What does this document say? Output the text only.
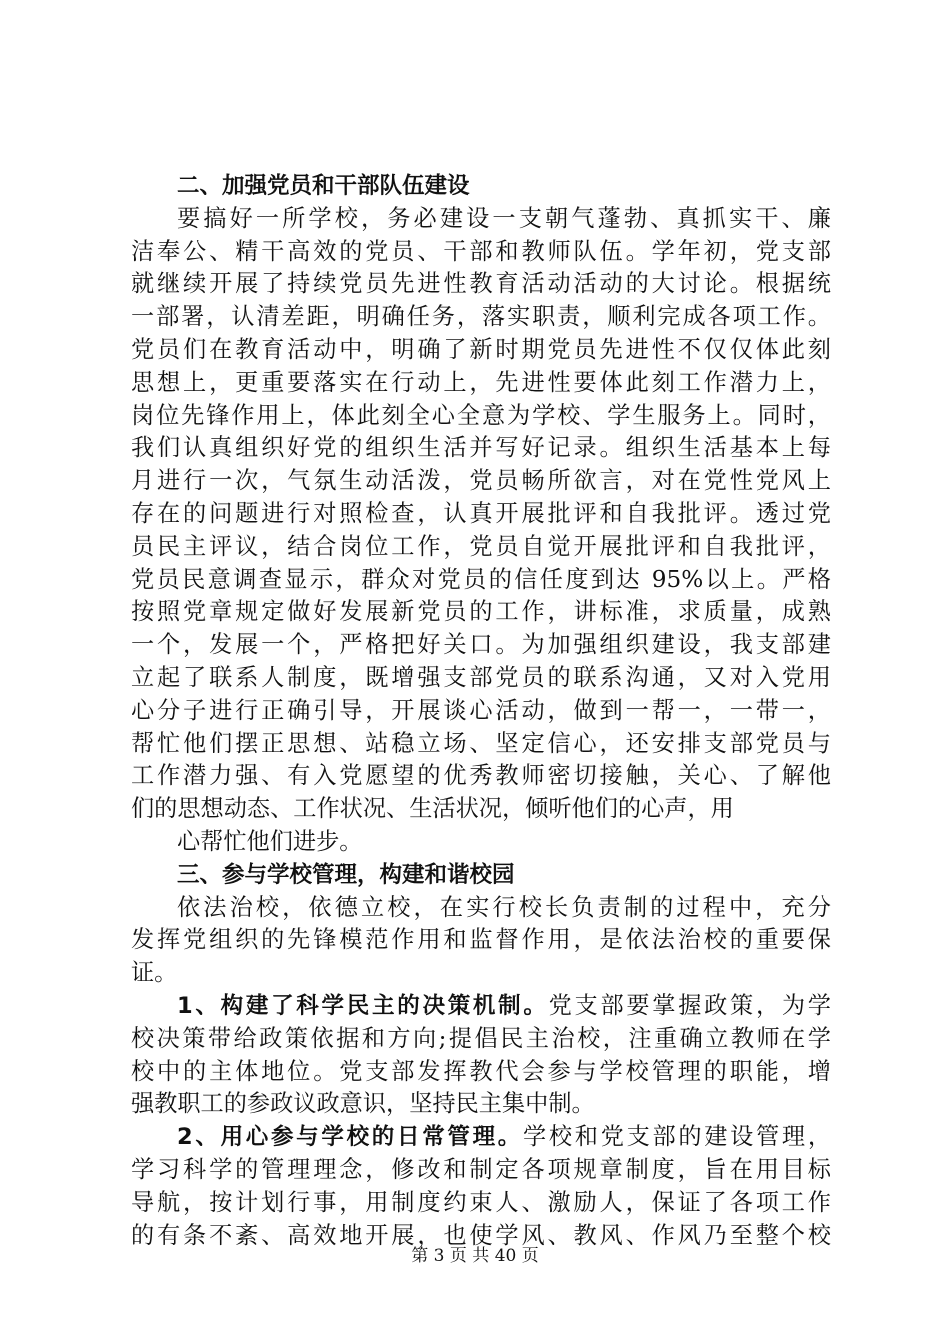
二、加强党员和干部队伍建设
要搞好一所学校，务必建设一支朝气蓬勃、真抓实干、廉
洁奉公、精干高效的党员、干部和教师队伍。学年初，党支部
就继续开展了持续党员先进性教育活动活动的大讨论。根据统
一部署，认清差距，明确任务，落实职责，顺利完成各项工作。
党员们在教育活动中，明确了新时期党员先进性不仅仅体此刻
思想上，更重要落实在行动上，先进性要体此刻工作潜力上，
岗位先锋作用上，体此刻全心全意为学校、学生服务上。同时，
我们认真组织好党的组织生活并写好记录。组织生活基本上每
月进行一次，气氛生动活泼，党员畅所欲言，对在党性党风上
存在的问题进行对照检查，认真开展批评和自我批评。透过党
员民主评议，结合岗位工作，党员自觉开展批评和自我批评，
党员民意调查显示，群众对党员的信任度到达 95%以上。严格
按照党章规定做好发展新党员的工作，讲标准，求质量，成熟
一个，发展一个，严格把好关口。为加强组织建设，我支部建
立起了联系人制度，既增强支部党员的联系沟通，又对入党用
心分子进行正确引导，开展谈心活动，做到一帮一，一带一，
帮忙他们摆正思想、站稳立场、坚定信心，还安排支部党员与
工作潜力强、有入党愿望的优秀教师密切接触，关心、了解他
们的思想动态、工作状况、生活状况，倾听他们的心声，用
心帮忙他们进步。
三、参与学校管理，构建和谐校园
依法治校，依德立校，在实行校长负责制的过程中，充分
发挥党组织的先锋模范作用和监督作用，是依法治校的重要保
证。
1、构建了科学民主的决策机制。党支部要掌握政策，为学
校决策带给政策依据和方向;提倡民主治校，注重确立教师在学
校中的主体地位。党支部发挥教代会参与学校管理的职能，增
强教职工的参政议政意识，坚持民主集中制。
2、用心参与学校的日常管理。学校和党支部的建设管理，
学习科学的管理理念，修改和制定各项规章制度，旨在用目标
导航，按计划行事，用制度约束人、激励人，保证了各项工作
的有条不紊、高效地开展，也使学风、教风、作风乃至整个校
第 3 页 共 40 页
